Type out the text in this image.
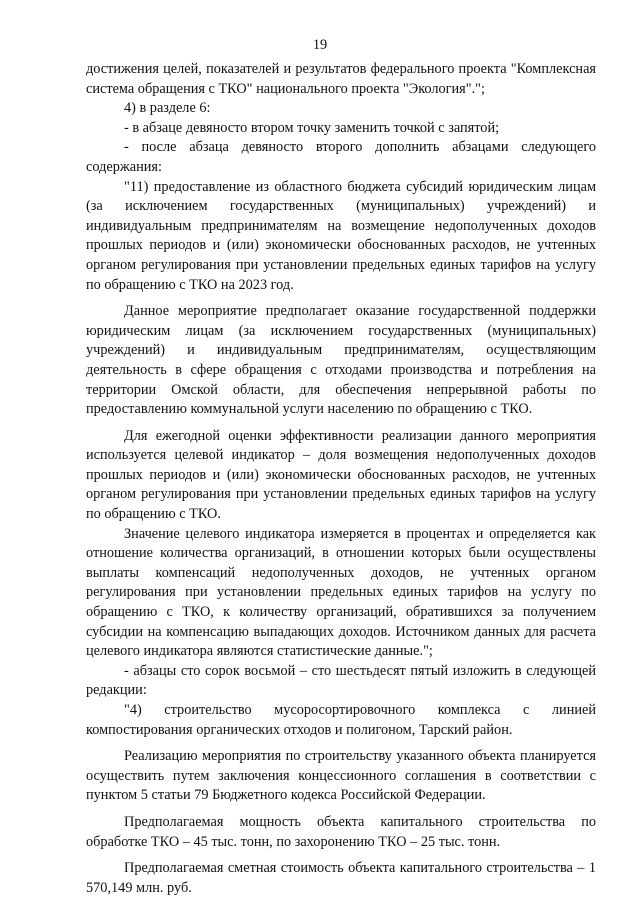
19

достижения целей, показателей и результатов федерального проекта "Комплексная система обращения с ТКО" национального проекта "Экология".";

4) в разделе 6:

- в абзаце девяносто втором точку заменить точкой с запятой;

- после абзаца девяносто второго дополнить абзацами следующего содержания:

"11) предоставление из областного бюджета субсидий юридическим лицам (за исключением государственных (муниципальных) учреждений) и индивидуальным предпринимателям на возмещение недополученных доходов прошлых периодов и (или) экономически обоснованных расходов, не учтенных органом регулирования при установлении предельных единых тарифов на услугу по обращению с ТКО на 2023 год.

Данное мероприятие предполагает оказание государственной поддержки юридическим лицам (за исключением государственных (муниципальных) учреждений) и индивидуальным предпринимателям, осуществляющим деятельность в сфере обращения с отходами производства и потребления на территории Омской области, для обеспечения непрерывной работы по предоставлению коммунальной услуги населению по обращению с ТКО.

Для ежегодной оценки эффективности реализации данного мероприятия используется целевой индикатор – доля возмещения недополученных доходов прошлых периодов и (или) экономически обоснованных расходов, не учтенных органом регулирования при установлении предельных единых тарифов на услугу по обращению с ТКО.

Значение целевого индикатора измеряется в процентах и определяется как отношение количества организаций, в отношении которых были осуществлены выплаты компенсаций недополученных доходов, не учтенных органом регулирования при установлении предельных единых тарифов на услугу по обращению с ТКО, к количеству организаций, обратившихся за получением субсидии на компенсацию выпадающих доходов. Источником данных для расчета целевого индикатора являются статистические данные.";

- абзацы сто сорок восьмой – сто шестьдесят пятый изложить в следующей редакции:

"4) строительство мусоросортировочного комплекса с линией компостирования органических отходов и полигоном, Тарский район.

Реализацию мероприятия по строительству указанного объекта планируется осуществить путем заключения концессионного соглашения в соответствии с пунктом 5 статьи 79 Бюджетного кодекса Российской Федерации.

Предполагаемая мощность объекта капитального строительства по обработке ТКО – 45 тыс. тонн, по захоронению ТКО – 25 тыс. тонн.

Предполагаемая сметная стоимость объекта капитального строительства – 1 570,149 млн. руб.
